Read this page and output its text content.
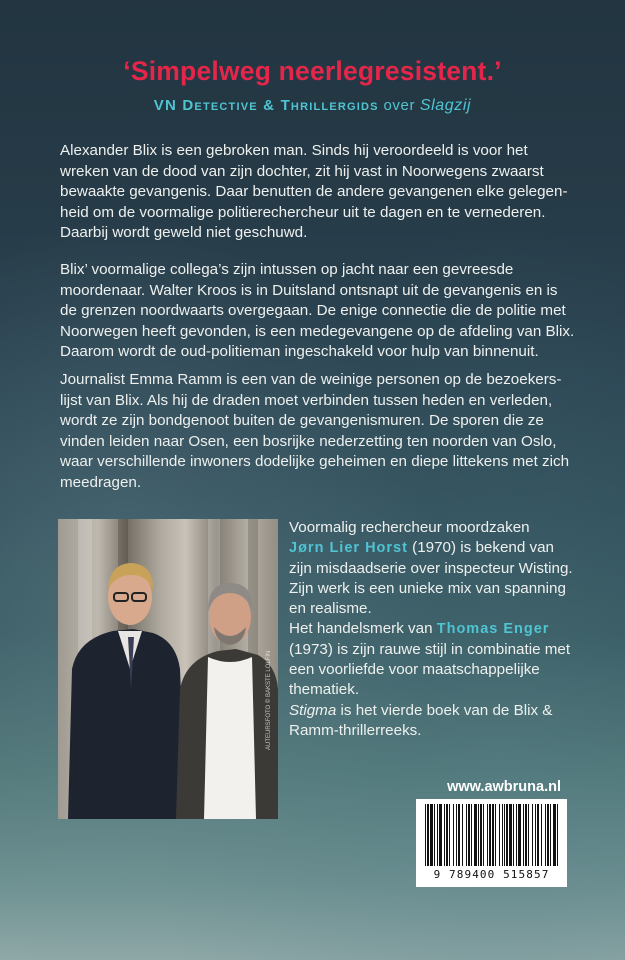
‘Simpelweg neerlegresistent.’
VN Detective & Thrillergids over Slagzij

Alexander Blix is een gebroken man. Sinds hij veroordeeld is voor het wreken van de dood van zijn dochter, zit hij vast in Noorwegens zwaarst bewaakte gevangenis. Daar benutten de andere gevangenen elke gelegenheid om de voormalige politierechercheur uit te dagen en te vernederen. Daarbij wordt geweld niet geschuwd.

Blix’ voormalige collega’s zijn intussen op jacht naar een gevreesde moordenaar. Walter Kroos is in Duitsland ontsnapt uit de gevangenis en is de grenzen noordwaarts overgegaan. De enige connectie die de politie met Noorwegen heeft gevonden, is een medegevangene op de afdeling van Blix. Daarom wordt de oud-politieman ingeschakeld voor hulp van binnenuit.

Journalist Emma Ramm is een van de weinige personen op de bezoekerslijst van Blix. Als hij de draden moet verbinden tussen heden en verleden, wordt ze zijn bondgenoot buiten de gevangenismuren. De sporen die ze vinden leiden naar Osen, een bosrijke nederzetting ten noorden van Oslo, waar verschillende inwoners dodelijke geheimen en diepe littekens met zich meedragen.

AUTEURSFOTO © BAKSTE LOLFIN

Voormalig rechercheur moordzaken
Jørn Lier Horst (1970) is bekend van zijn misdaadserie over inspecteur Wisting. Zijn werk is een unieke mix van spanning en realisme.
Het handelsmerk van Thomas Enger (1973) is zijn rauwe stijl in combinatie met een voorliefde voor maatschappelijke thematiek.
Stigma is het vierde boek van de Blix & Ramm-thrillerreeks.

www.awbruna.nl
9 789400 515857
